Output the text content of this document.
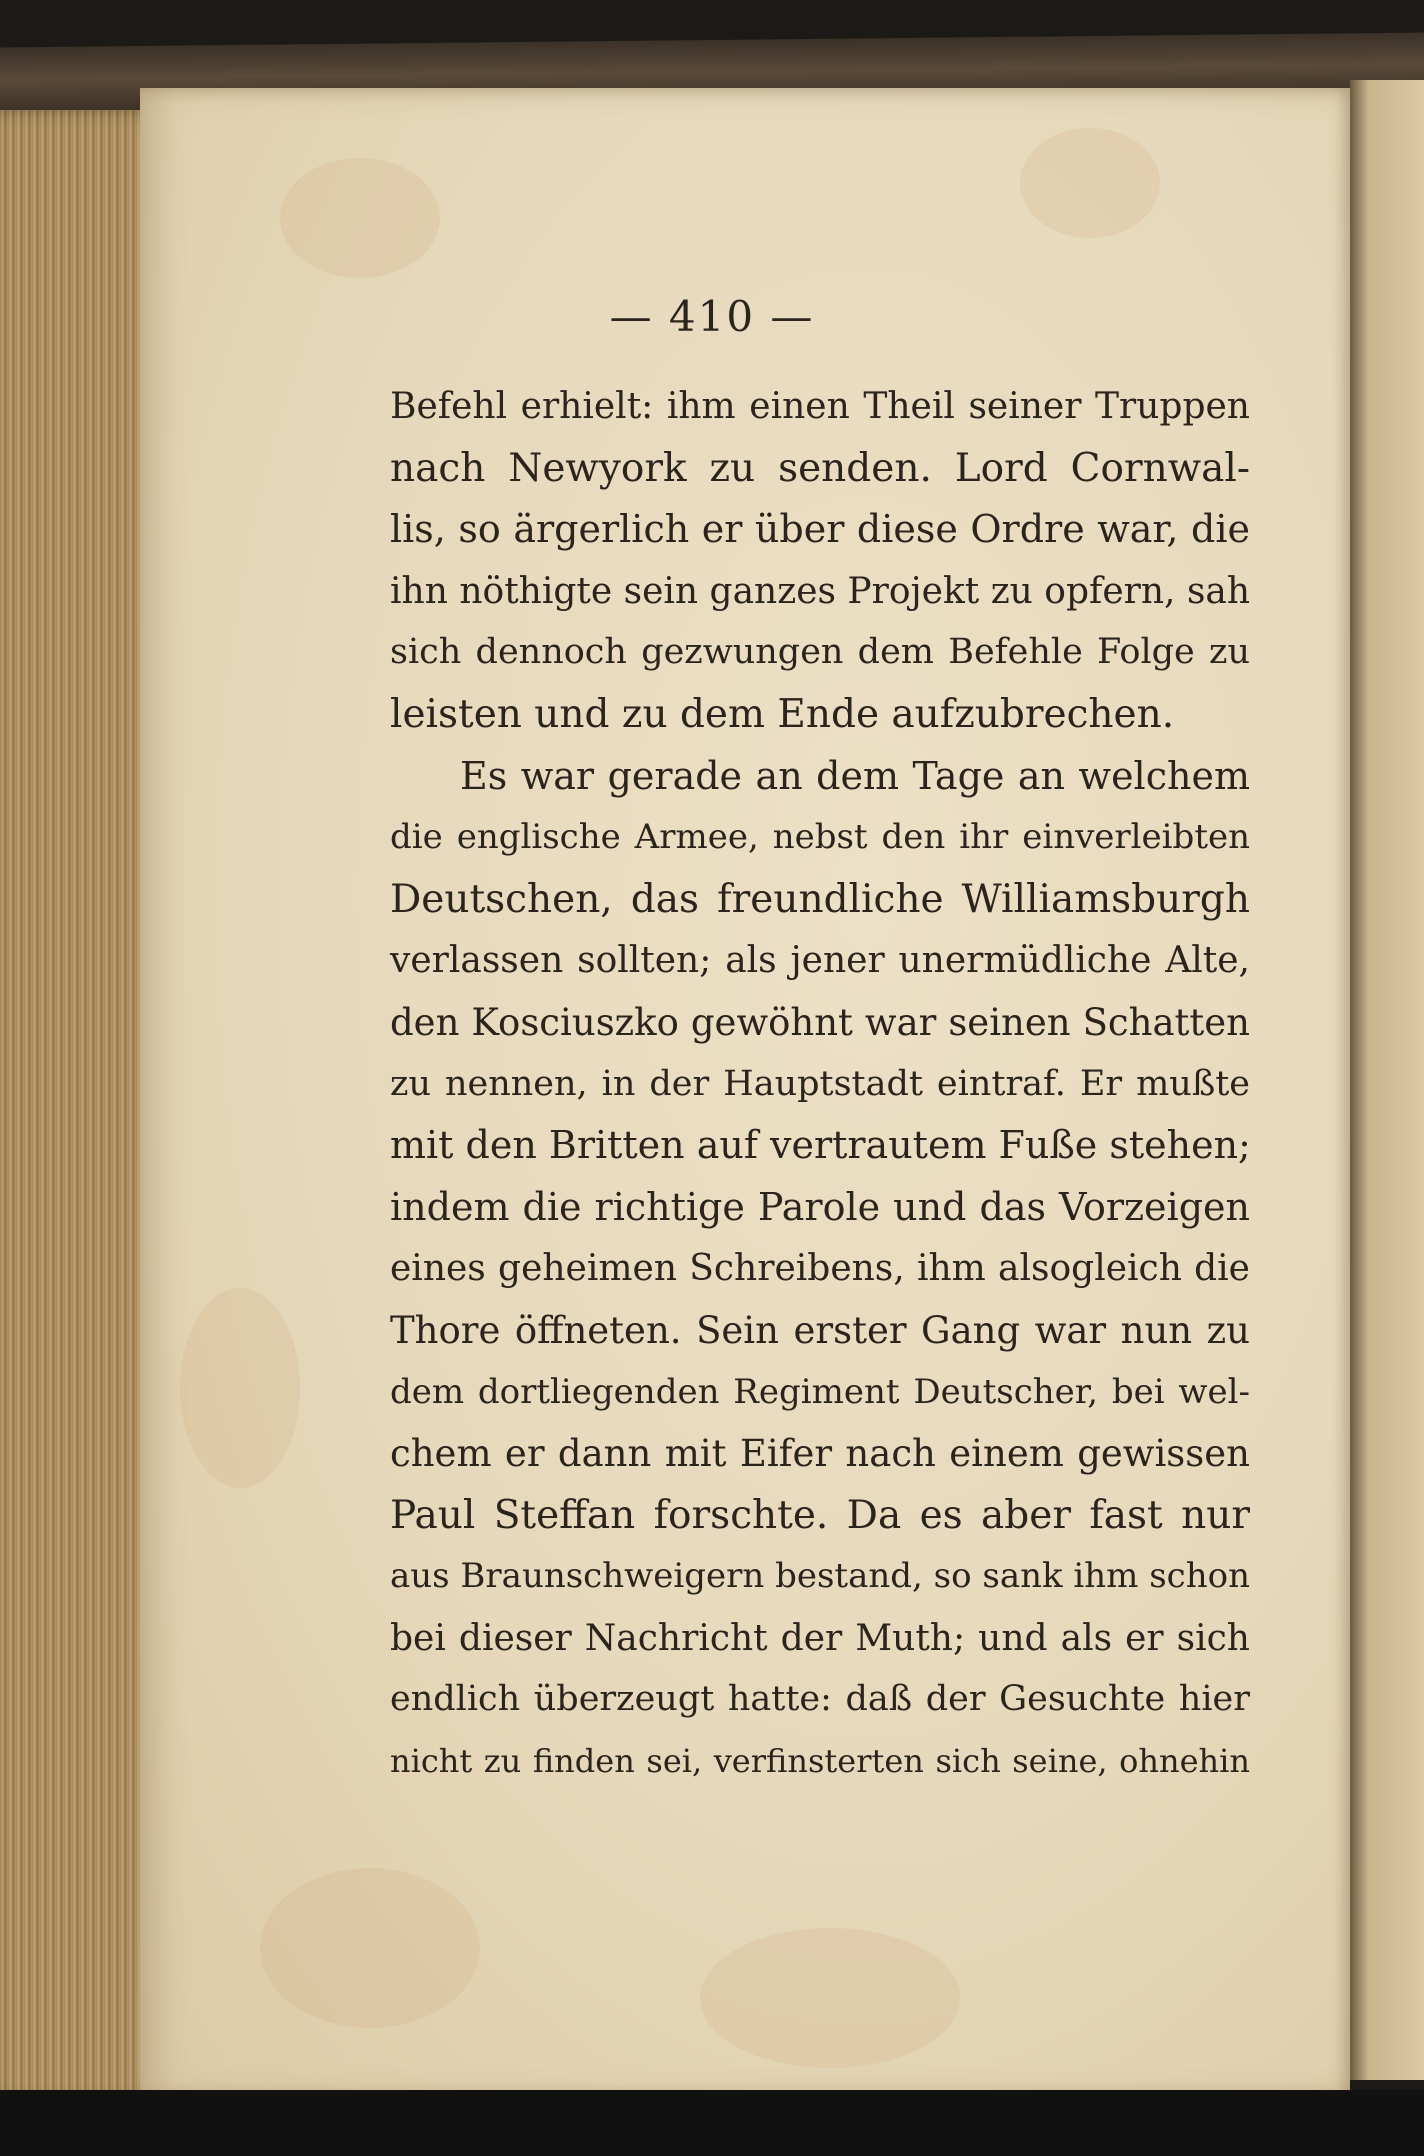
— 410 —
Befehl erhielt: ihm einen Theil seiner Truppen
nach Newyork zu senden. Lord Cornwal-
lis, so ärgerlich er über diese Ordre war, die
ihn nöthigte sein ganzes Projekt zu opfern, sah
sich dennoch gezwungen dem Befehle Folge zu
leisten und zu dem Ende aufzubrechen.
Es war gerade an dem Tage an welchem
die englische Armee, nebst den ihr einverleibten
Deutschen, das freundliche Williamsburgh
verlassen sollten; als jener unermüdliche Alte,
den Kosciuszko gewöhnt war seinen Schatten
zu nennen, in der Hauptstadt eintraf. Er mußte
mit den Britten auf vertrautem Fuße stehen;
indem die richtige Parole und das Vorzeigen
eines geheimen Schreibens, ihm alsogleich die
Thore öffneten. Sein erster Gang war nun zu
dem dortliegenden Regiment Deutscher, bei wel-
chem er dann mit Eifer nach einem gewissen
Paul Steffan forschte. Da es aber fast nur
aus Braunschweigern bestand, so sank ihm schon
bei dieser Nachricht der Muth; und als er sich
endlich überzeugt hatte: daß der Gesuchte hier
nicht zu finden sei, verfinsterten sich seine, ohnehin
